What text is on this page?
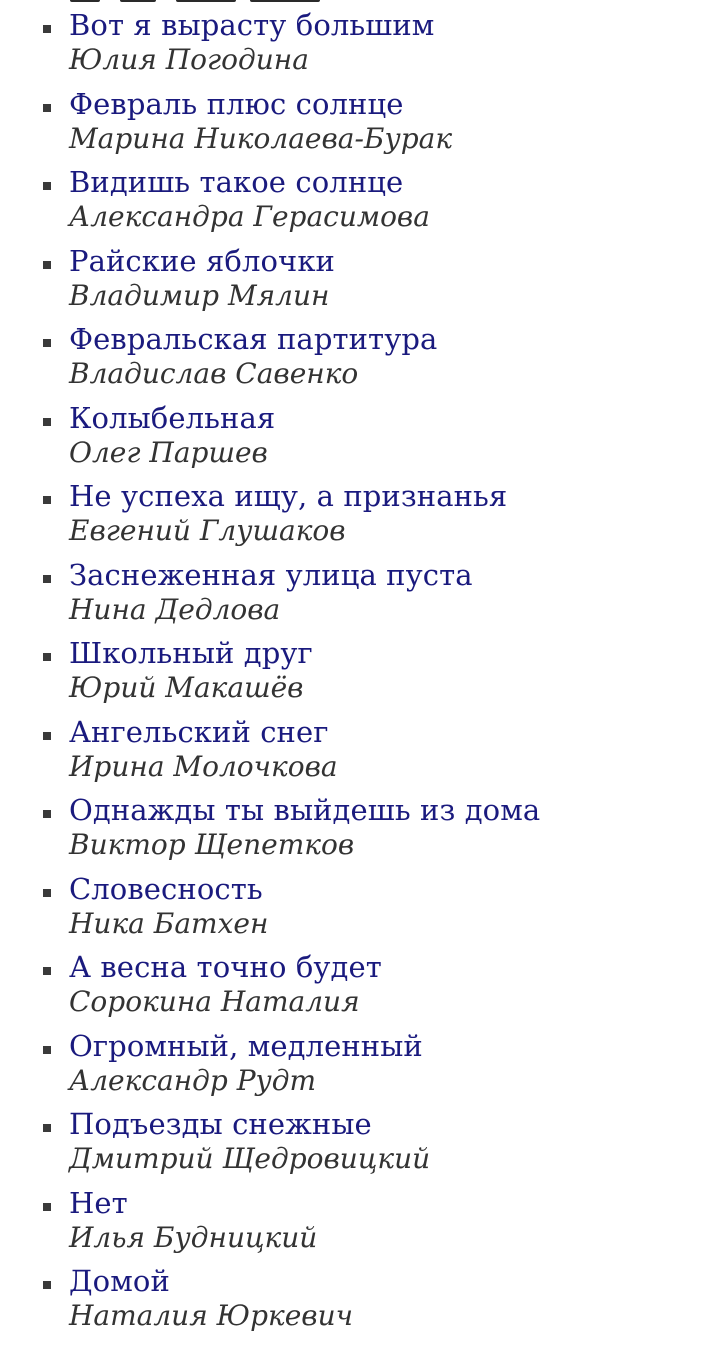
Вот я вырасту большим
Юлия Погодина
Февраль плюс солнце
Марина Николаева-Бурак
Видишь такое солнце
Александра Герасимова
Райские яблочки
Владимир Мялин
Февральская партитура
Владислав Савенко
Колыбельная
Олег Паршев
Не успеха ищу, а признанья
Евгений Глушаков
Заснеженная улица пуста
Нина Дедлова
Школьный друг
Юрий Макашёв
Ангельский снег
Ирина Молочкова
Однажды ты выйдешь из дома
Виктор Щепетков
Словесность
Ника Батхен
А весна точно будет
Сорокина Наталия
Огромный, медленный
Александр Рудт
Подъезды снежные
Дмитрий Щедровицкий
Нет
Илья Будницкий
Домой
Наталия Юркевич
